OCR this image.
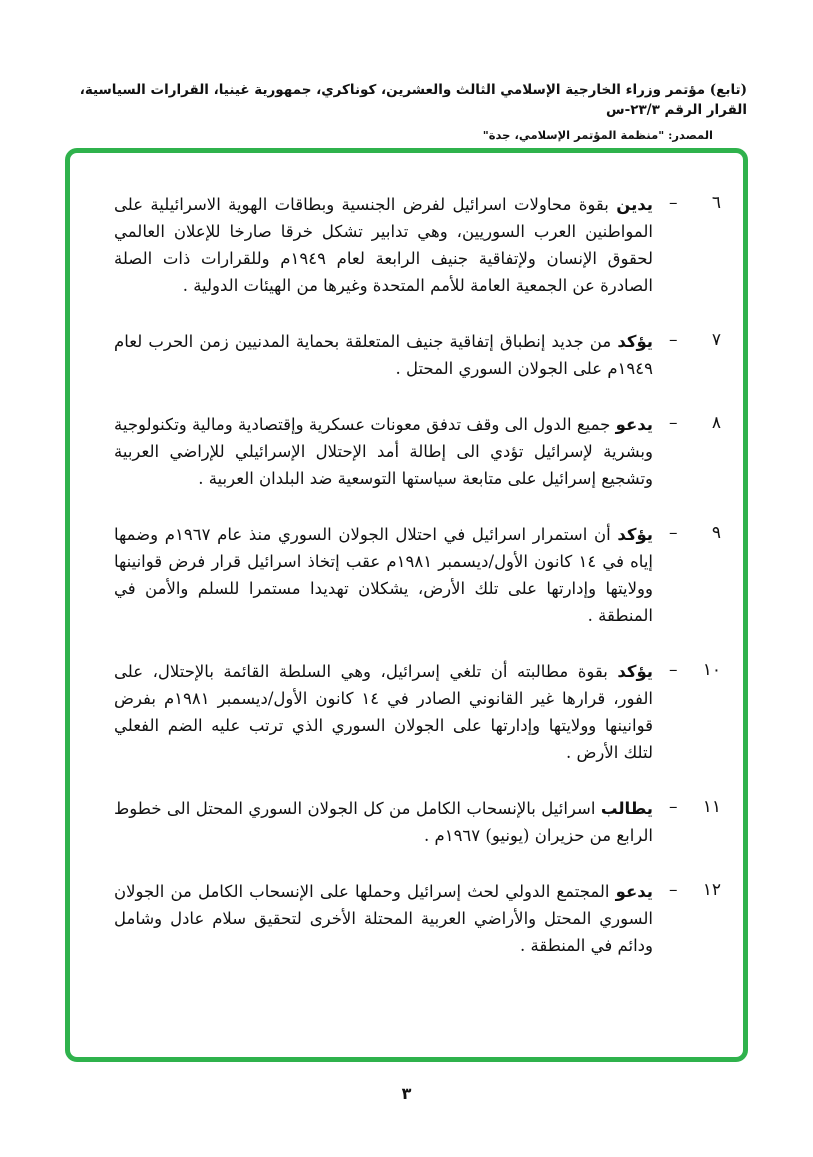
(تابع) مؤتمر وزراء الخارجية الإسلامي الثالث والعشرين، كوناكري، جمهورية غينيا، القرارات السياسية، القرار الرقم ٢٣/٣-س
المصدر: "منظمة المؤتمر الإسلامي، جدة"
٦
–
يدين بقوة محاولات اسرائيل لفرض الجنسية وبطاقات الهوية الاسرائيلية على المواطنين العرب السوريين، وهي تدابير تشكل خرقا صارخا للإعلان العالمي لحقوق الإنسان ولإتفاقية جنيف الرابعة لعام ١٩٤٩م وللقرارات ذات الصلة الصادرة عن الجمعية العامة للأمم المتحدة وغيرها من الهيئات الدولية .
٧
–
يؤكد من جديد إنطباق إتفاقية جنيف المتعلقة بحماية المدنيين زمن الحرب لعام ١٩٤٩م على الجولان السوري المحتل .
٨
–
يدعو جميع الدول الى وقف تدفق معونات عسكرية وإقتصادية ومالية وتكنولوجية وبشرية لإسرائيل تؤدي الى إطالة أمد الإحتلال الإسرائيلي للإراضي العربية وتشجيع إسرائيل على متابعة سياستها التوسعية ضد البلدان العربية .
٩
–
يؤكد أن استمرار اسرائيل في احتلال الجولان السوري منذ عام ١٩٦٧م وضمها إياه في ١٤ كانون الأول/ديسمبر ١٩٨١م عقب إتخاذ اسرائيل قرار فرض قوانينها وولايتها وإدارتها على تلك الأرض، يشكلان تهديدا مستمرا للسلم والأمن في المنطقة .
١٠
–
يؤكد بقوة مطالبته أن تلغي إسرائيل، وهي السلطة القائمة بالإحتلال، على الفور، قرارها غير القانوني الصادر في ١٤ كانون الأول/ديسمبر ١٩٨١م بفرض قوانينها وولايتها وإدارتها على الجولان السوري الذي ترتب عليه الضم الفعلي لتلك الأرض .
١١
–
يطالب اسرائيل بالإنسحاب الكامل من كل الجولان السوري المحتل الى خطوط الرابع من حزيران (يونيو) ١٩٦٧م .
١٢
–
يدعو المجتمع الدولي لحث إسرائيل وحملها على الإنسحاب الكامل من الجولان السوري المحتل والأراضي العربية المحتلة الأخرى لتحقيق سلام عادل وشامل ودائم في المنطقة .
٣
